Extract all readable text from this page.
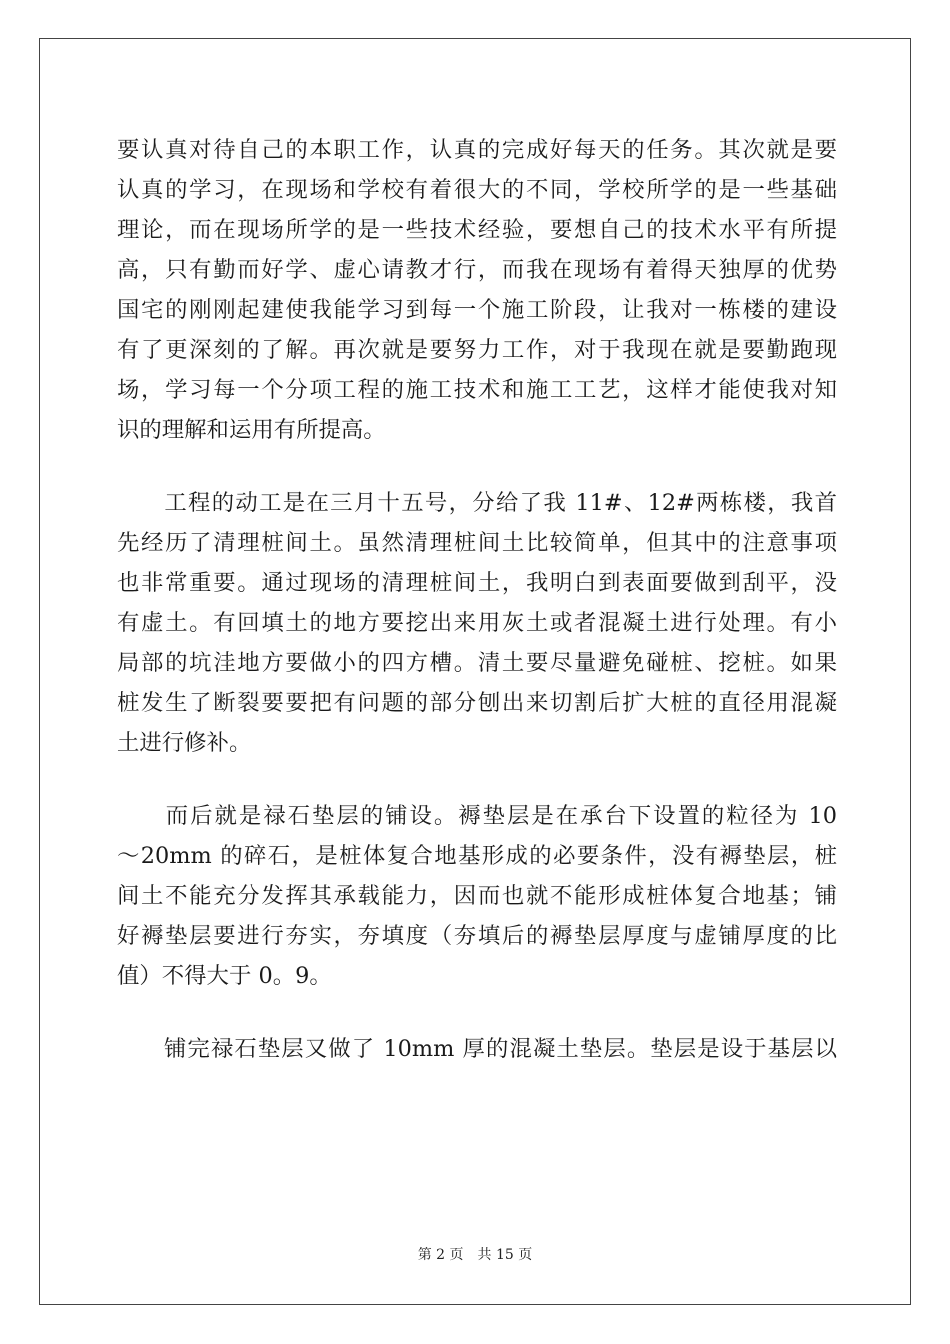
要认真对待自己的本职工作，认真的完成好每天的任务。其次就是要
认真的学习，在现场和学校有着很大的不同，学校所学的是一些基础
理论，而在现场所学的是一些技术经验，要想自己的技术水平有所提
高，只有勤而好学、虚心请教才行，而我在现场有着得天独厚的优势
国宅的刚刚起建使我能学习到每一个施工阶段，让我对一栋楼的建设
有了更深刻的了解。再次就是要努力工作，对于我现在就是要勤跑现
场，学习每一个分项工程的施工技术和施工工艺，这样才能使我对知
识的理解和运用有所提高。
　　工程的动工是在三月十五号，分给了我 11#、12#两栋楼，我首
先经历了清理桩间土。虽然清理桩间土比较简单，但其中的注意事项
也非常重要。通过现场的清理桩间土，我明白到表面要做到刮平，没
有虚土。有回填土的地方要挖出来用灰土或者混凝土进行处理。有小
局部的坑洼地方要做小的四方槽。清土要尽量避免碰桩、挖桩。如果
桩发生了断裂要要把有问题的部分刨出来切割后扩大桩的直径用混凝
土进行修补。
　　而后就是禄石垫层的铺设。褥垫层是在承台下设置的粒径为 10
～20mm 的碎石，是桩体复合地基形成的必要条件，没有褥垫层，桩
间土不能充分发挥其承载能力，因而也就不能形成桩体复合地基；铺
好褥垫层要进行夯实，夯填度（夯填后的褥垫层厚度与虚铺厚度的比
值）不得大于 0。9。
　　铺完禄石垫层又做了 10mm 厚的混凝土垫层。垫层是设于基层以
第 2 页　共 15 页
